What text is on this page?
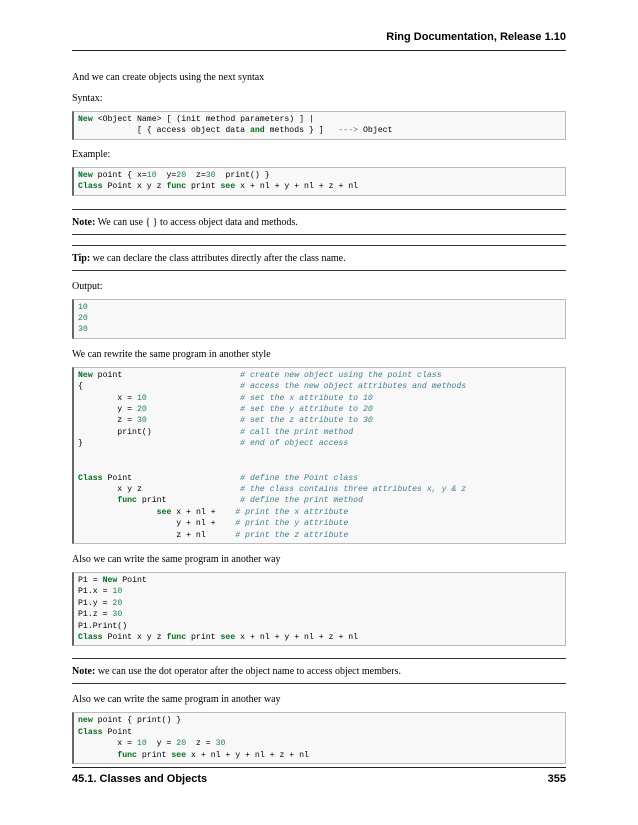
Ring Documentation, Release 1.10

And we can create objects using the next syntax

Syntax:

New <Object Name> [ (init method parameters) ] |
[ { access object data and methods } ]   ---> Object

Example:

New point { x=10  y=20  z=30  print() }
Class Point x y z func print see x + nl + y + nl + z + nl
Note: We can use { } to access object data and methods.
Tip: we can declare the class attributes directly after the class name.

Output:

10
20
30

We can rewrite the same program in another style

New point                        # create new object using the point class
{                                # access the new object attributes and methods
x = 10	# set the x attribute to 10
y = 20	# set the y attribute to 20
z = 30	# set the z attribute to 30
print()                  # call the print method
}                                # end of object access

Class Point                      # define the Point class
x y z                    # the class contains three attributes x, y & z
func print               # define the print method
see x + nl +    # print the x attribute
y + nl +    # print the y attribute
z + nl      # print the z attribute

Also we can write the same program in another way

P1 = New Point
P1.x = 10
P1.y = 20
P1.z = 30
P1.Print()
Class Point x y z func print see x + nl + y + nl + z + nl
Note: we can use the dot operator after the object name to access object members.

Also we can write the same program in another way

new point { print() }
Class Point
x = 10  y = 20  z = 30
func print see x + nl + y + nl + z + nl
45.1. Classes and Objects	355
